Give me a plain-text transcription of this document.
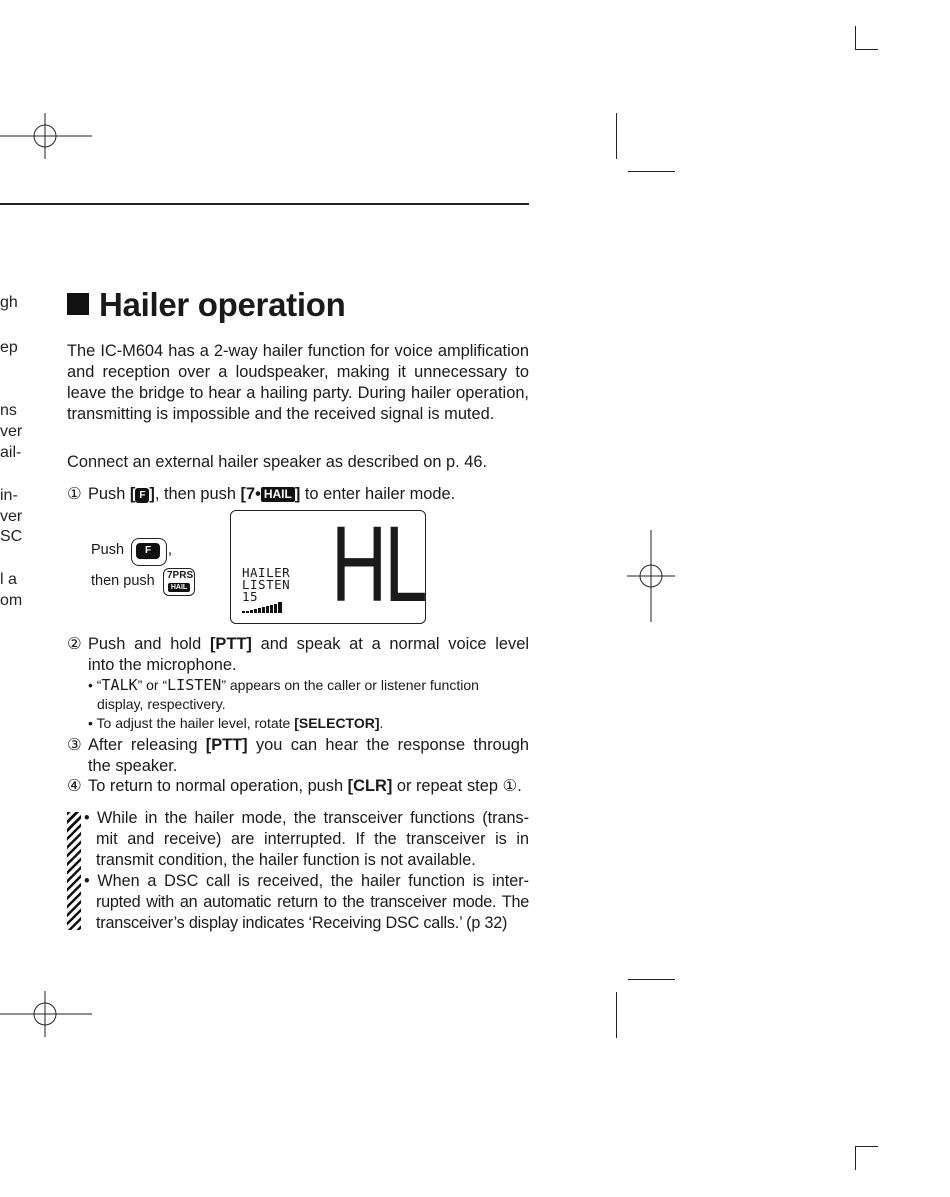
gh
ep
ns
ver
ail-
in-
ver
SC
l a
om
Hailer operation
The IC-M604 has a 2-way hailer function for voice amplification and reception over a loudspeaker, making it unnecessary to leave the bridge to hear a hailing party. During hailer operation, transmitting is impossible and the received signal is muted.
Connect an external hailer speaker as described on p. 46.
① Push [ F ], then push [7• HAIL ] to enter hailer mode.
Push	F	,
then push 7PRS
HAIL
HAILER
LISTEN
15 HL
② Push and hold [PTT] and speak at a normal voice level
into the microphone.
• “TALK” or “LISTEN” appears on the caller or listener function
display, respectivery.
• To adjust the hailer level, rotate [SELECTOR].
③ After releasing [PTT] you can hear the response through
the speaker.
④ To return to normal operation, push [CLR] or repeat step ①.
• While in the hailer mode, the transceiver functions (trans-
mit and receive) are interrupted. If the transceiver is in
transmit condition, the hailer function is not available.
• When a DSC call is received, the hailer function is inter-
rupted with an automatic return to the transceiver mode. The
transceiver’s display indicates ‘Receiving DSC calls.’ (p 32)
